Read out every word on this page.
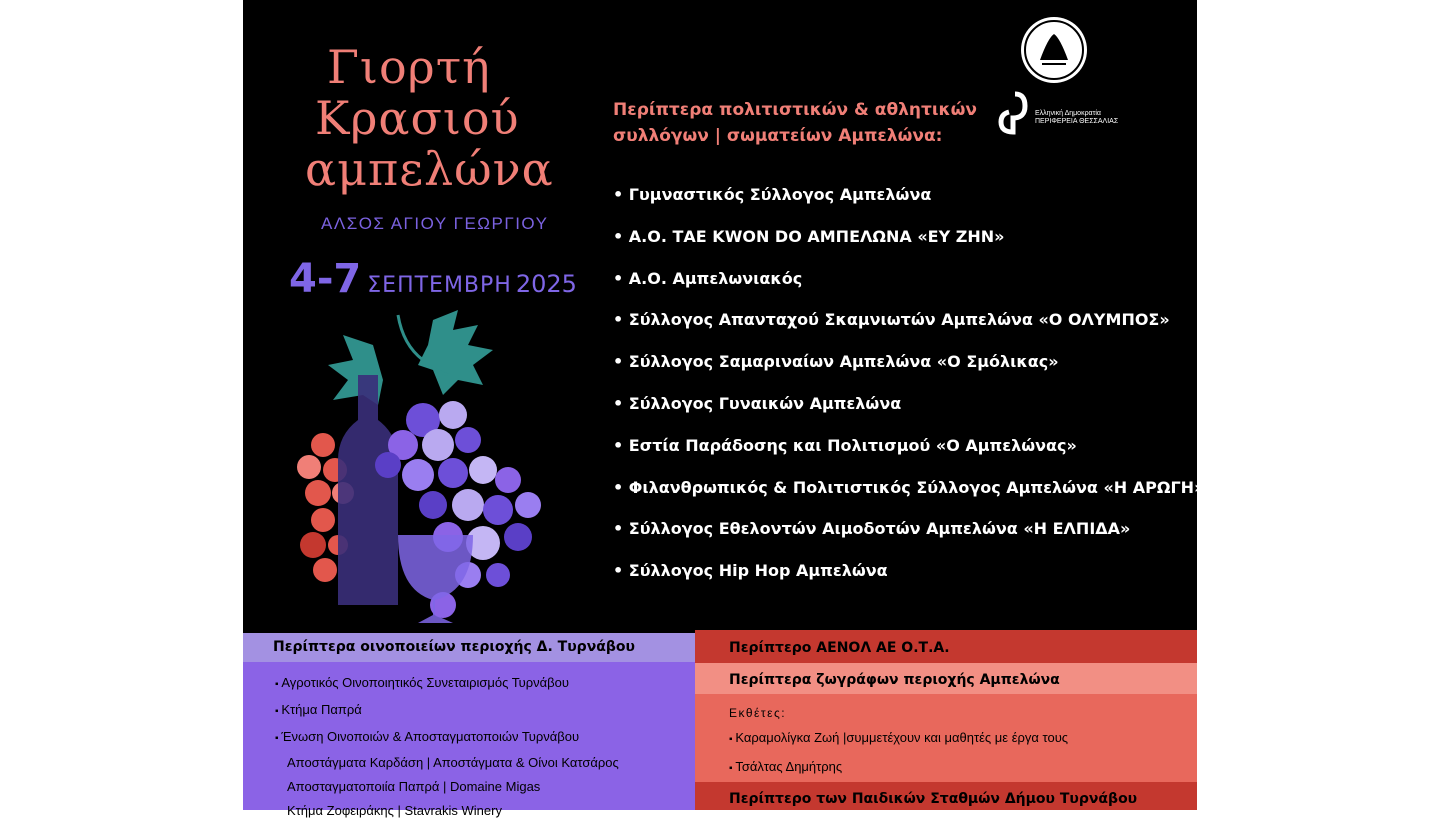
Γιορτή
Κρασιού
αμπελώνα
ΑΛΣΟΣ ΑΓΙΟΥ ΓΕΩΡΓΙΟΥ
4-7 ΣΕΠΤΕΜΒΡΗ 2025
Ελληνική Δημοκρατία
ΠΕΡΙΦΕΡΕΙΑ ΘΕΣΣΑΛΙΑΣ
Περίπτερα πολιτιστικών & αθλητικών
συλλόγων | σωματείων Αμπελώνα:
• Γυμναστικός Σύλλογος Αμπελώνα
• Α.Ο. ΤΑΕ KWON DO ΑΜΠΕΛΩΝΑ «ΕΥ ΖΗΝ»
• Α.Ο. Αμπελωνιακός
• Σύλλογος Απανταχού Σκαμνιωτών Αμπελώνα «Ο ΟΛΥΜΠΟΣ»
• Σύλλογος Σαμαριναίων Αμπελώνα «Ο Σμόλικας»
• Σύλλογος Γυναικών Αμπελώνα
• Εστία Παράδοσης και Πολιτισμού «Ο Αμπελώνας»
• Φιλανθρωπικός & Πολιτιστικός Σύλλογος Αμπελώνα «Η ΑΡΩΓΗ»
• Σύλλογος Εθελοντών Αιμοδοτών Αμπελώνα «Η ΕΛΠΙΔΑ»
• Σύλλογος Hip Hop Αμπελώνα
Περίπτερα οινοποιείων περιοχής Δ. Τυρνάβου
▪ Αγροτικός Οινοποιητικός Συνεταιρισμός Τυρνάβου
▪ Κτήμα Παπρά
▪ Ένωση Οινοποιών & Αποσταγματοποιών Τυρνάβου
Αποστάγματα Καρδάση | Αποστάγματα & Οίνοι Κατσάρος
Αποσταγματοποιία Παπρά | Domaine Migas
Κτήμα Ζοφειράκης | Stavrakis Winery
Περίπτερο ΑΕΝΟΛ ΑΕ Ο.Τ.Α.
Περίπτερα ζωγράφων περιοχής Αμπελώνα
Εκθέτες:
▪ Καραμολίγκα Ζωή |συμμετέχουν και μαθητές με έργα τους
▪ Τσάλτας Δημήτρης
Περίπτερο των Παιδικών Σταθμών Δήμου Τυρνάβου
